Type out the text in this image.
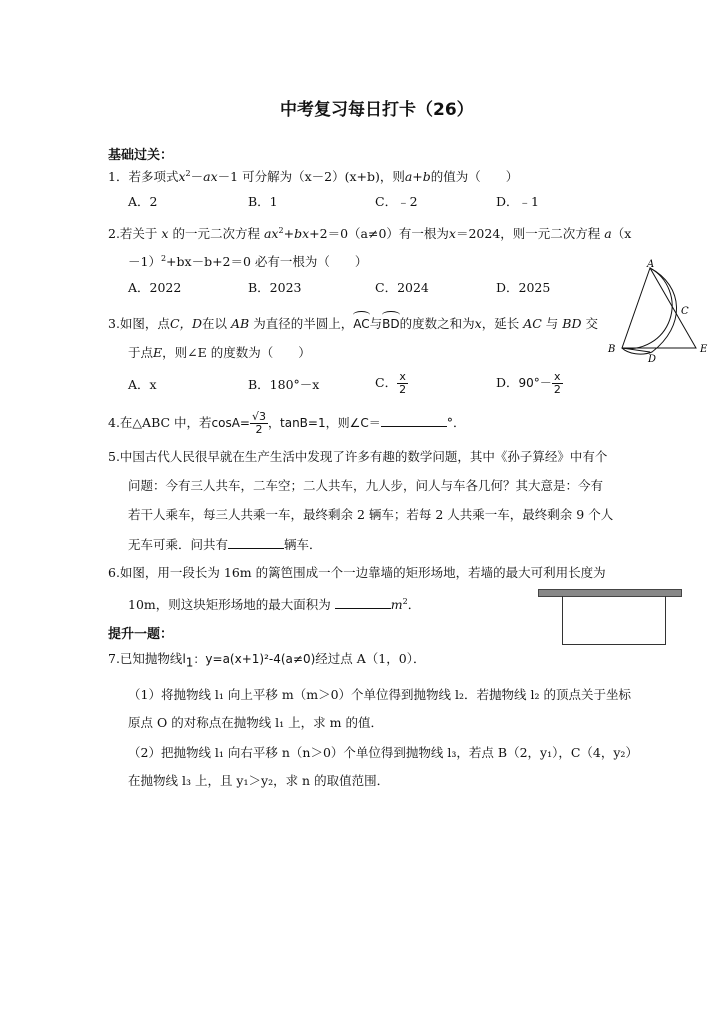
中考复习每日打卡（26）
基础过关：
1．若多项式$x^2-ax-1$ 可分解为（x－2）(x+b)，则a+b的值为（　　）
A．2	B．1	C．﹣2	D．﹣1
2.若关于 x 的一元二次方程 $ax^2+bx+2=0(a\ne 0)$有一根为x＝2024，则一元二次方程 a（x
－1）$^2$+bx－b+2＝0 必有一根为（　　）
A．2022	B．2023	C．2024	D．2025
3.如图，点C，D在以 AB 为直径的半圆上，AC与BD的度数之和为x，延长 AC 与 BD 交
于点E，则∠E 的度数为（　　）
A．x	B．180°－x	C． $\frac{x}{2}$	D．$90^\circ- \frac{x}{2}$
A
C
B
D
E
4.在△ABC 中，若$\cos A= \frac{√3}{2}$ ，tanB=1，则∠C＝	°．
5.中国古代人民很早就在生产生活中发现了许多有趣的数学问题，其中《孙子算经》中有个
问题：今有三人共车，二车空；二人共车，九人步，问人与车各几何？其大意是：今有
若干人乘车，每三人共乘一车，最终剩余 2 辆车；若每 2 人共乘一车，最终剩余 9 个人
无车可乘．问共有	辆车．
6.如图，用一段长为 16m 的篱笆围成一个一边靠墙的矩形场地，若墙的最大可利用长度为
10m，则这块矩形场地的最大面积为	$m^2$．
提升一题：
7.已知抛物线$l_1$：y=a(x+1)²-4(a≠0)经过点 A（1，0）．
（1）将抛物线 l₁ 向上平移 m（m＞0）个单位得到抛物线 l₂．若抛物线 l₂ 的顶点关于坐标
原点 O 的对称点在抛物线 l₁ 上，求 m 的值．
（2）把抛物线 l₁ 向右平移 n（n＞0）个单位得到抛物线 l₃，若点 B（2，y₁），C（4，y₂）
在抛物线 l₃ 上，且 y₁＞y₂，求 n 的取值范围．
